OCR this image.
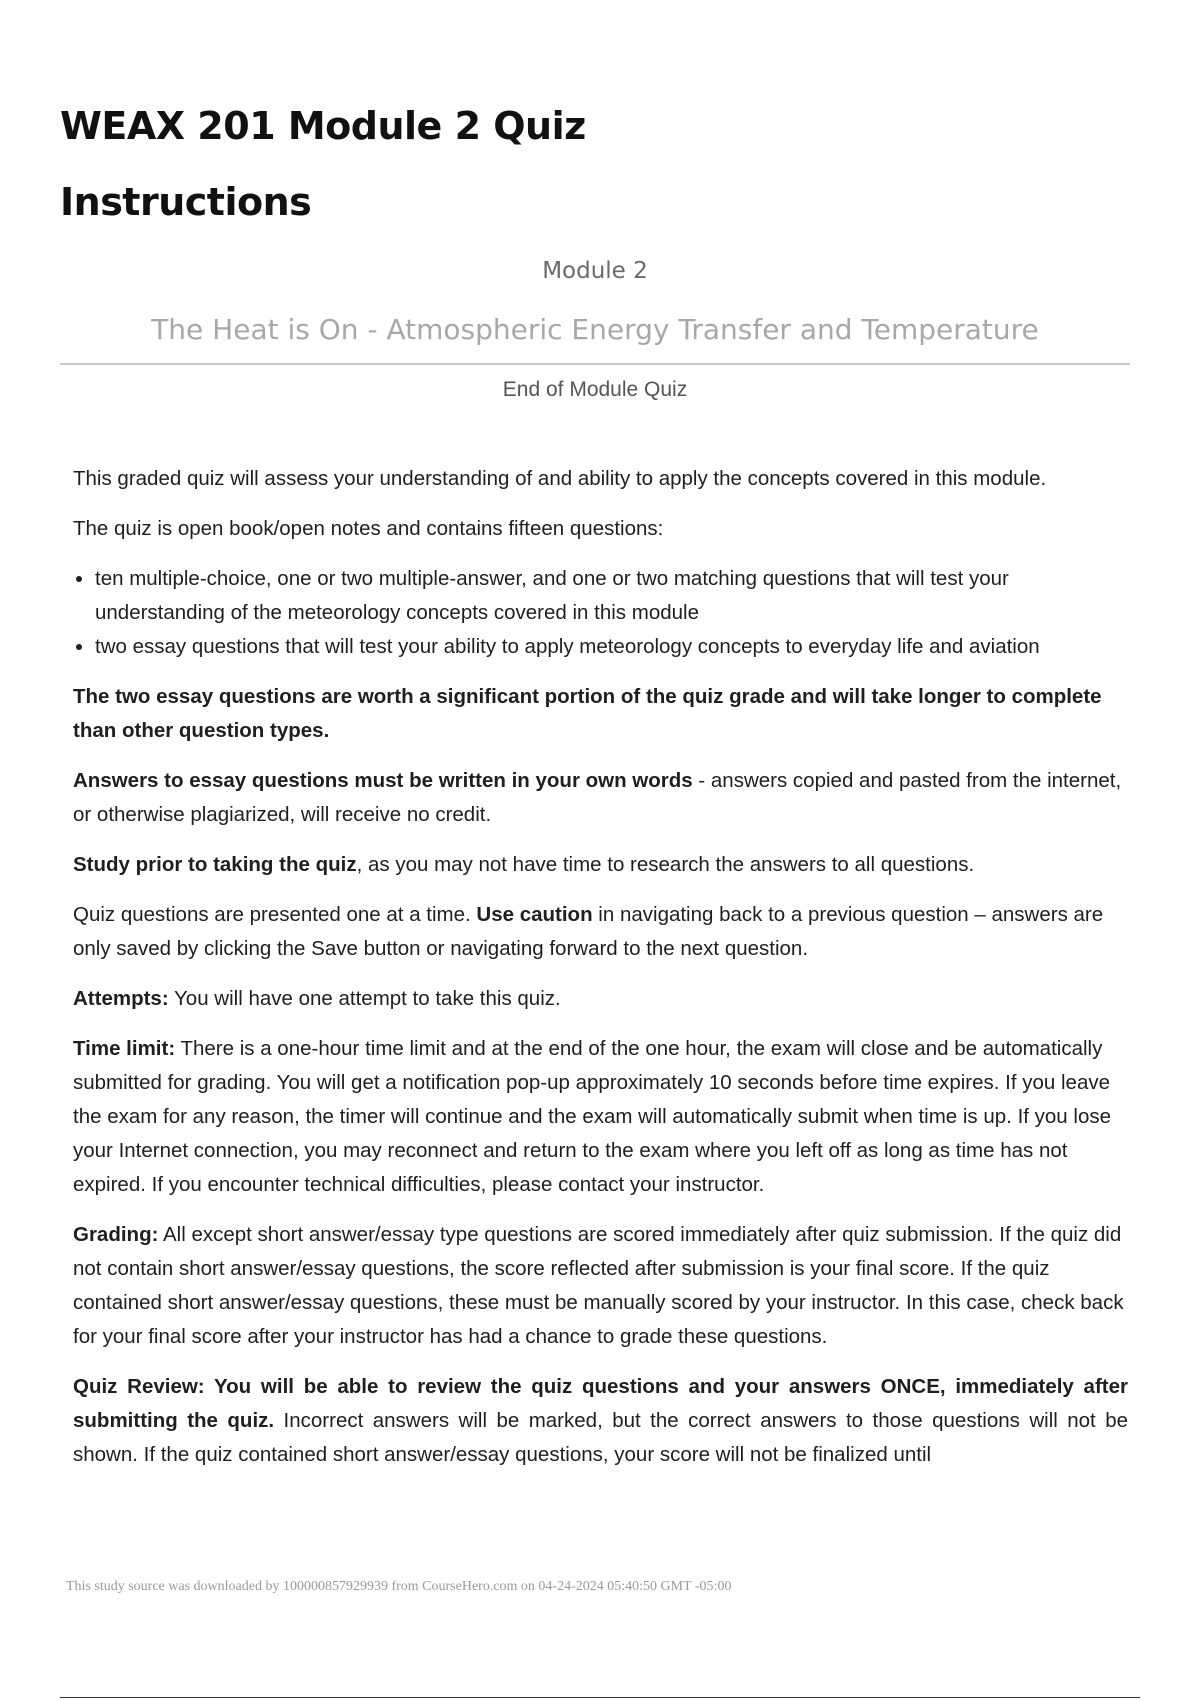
WEAX 201 Module 2 Quiz
Instructions
Module 2
The Heat is On - Atmospheric Energy Transfer and Temperature
End of Module Quiz

This graded quiz will assess your understanding of and ability to apply the concepts covered in this module.

The quiz is open book/open notes and contains fifteen questions:

• ten multiple-choice, one or two multiple-answer, and one or two matching questions that will test your understanding of the meteorology concepts covered in this module
• two essay questions that will test your ability to apply meteorology concepts to everyday life and aviation

The two essay questions are worth a significant portion of the quiz grade and will take longer to complete than other question types.

Answers to essay questions must be written in your own words - answers copied and pasted from the internet, or otherwise plagiarized, will receive no credit.

Study prior to taking the quiz, as you may not have time to research the answers to all questions.

Quiz questions are presented one at a time. Use caution in navigating back to a previous question – answers are only saved by clicking the Save button or navigating forward to the next question.

Attempts: You will have one attempt to take this quiz.

Time limit: There is a one-hour time limit and at the end of the one hour, the exam will close and be automatically submitted for grading. You will get a notification pop-up approximately 10 seconds before time expires. If you leave the exam for any reason, the timer will continue and the exam will automatically submit when time is up. If you lose your Internet connection, you may reconnect and return to the exam where you left off as long as time has not expired. If you encounter technical difficulties, please contact your instructor.

Grading: All except short answer/essay type questions are scored immediately after quiz submission. If the quiz did not contain short answer/essay questions, the score reflected after submission is your final score. If the quiz contained short answer/essay questions, these must be manually scored by your instructor. In this case, check back for your final score after your instructor has had a chance to grade these questions.

Quiz Review: You will be able to review the quiz questions and your answers ONCE, immediately after submitting the quiz. Incorrect answers will be marked, but the correct answers to those questions will not be shown. If the quiz contained short answer/essay questions, your score will not be finalized until

This study source was downloaded by 100000857929939 from CourseHero.com on 04-24-2024 05:40:50 GMT -05:00
